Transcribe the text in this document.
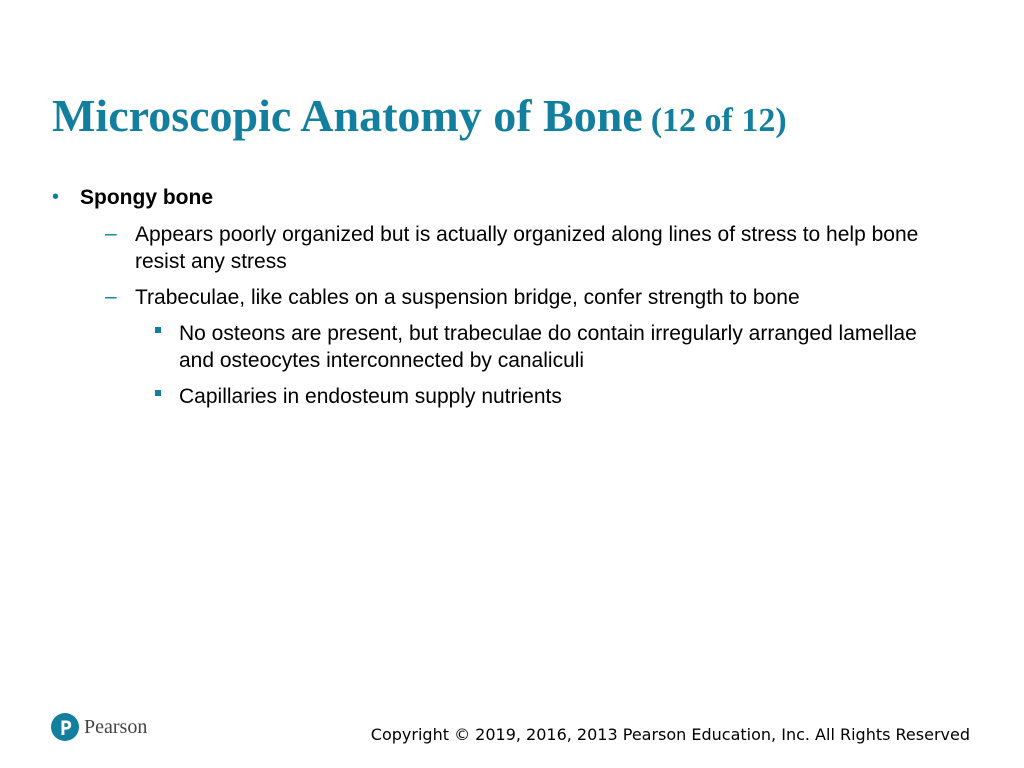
Microscopic Anatomy of Bone (12 of 12)
• Spongy bone
– Appears poorly organized but is actually organized along lines of stress to help bone resist any stress
– Trabeculae, like cables on a suspension bridge, confer strength to bone
No osteons are present, but trabeculae do contain irregularly arranged lamellae and osteocytes interconnected by canaliculi
Capillaries in endosteum supply nutrients
Pearson	Copyright © 2019, 2016, 2013 Pearson Education, Inc. All Rights Reserved
